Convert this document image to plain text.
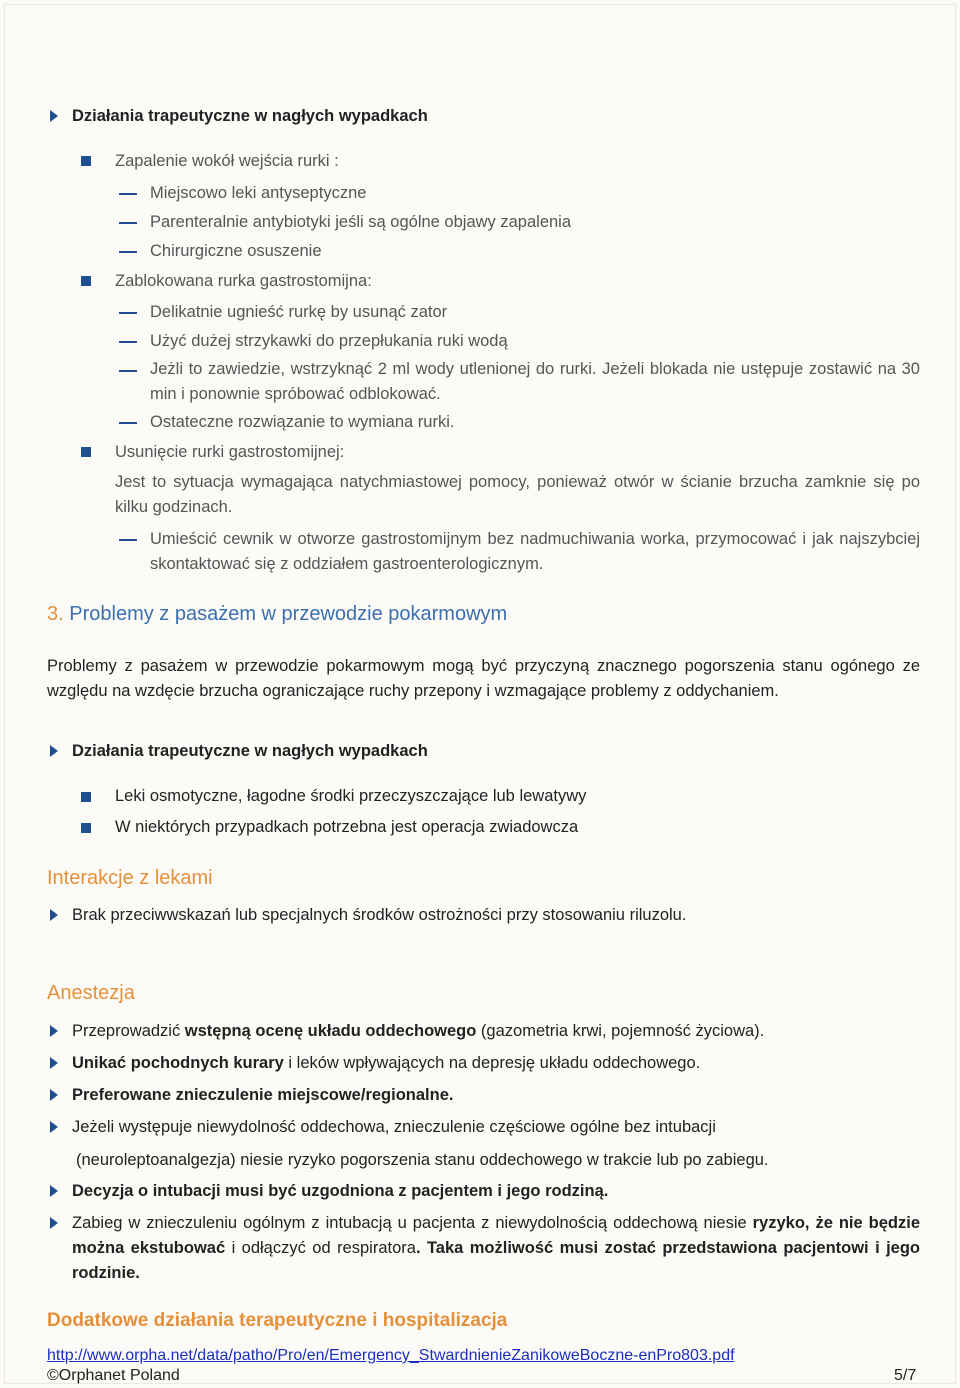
Działania trapeutyczne w nagłych wypadkach
Zapalenie wokół wejścia rurki :
Miejscowo leki antyseptyczne
Parenteralnie antybiotyki jeśli są ogólne objawy zapalenia
Chirurgiczne osuszenie
Zablokowana rurka gastrostomijna:
Delikatnie ugnieść rurkę by usunąć zator
Użyć dużej strzykawki do przepłukania ruki wodą
Jeżli to zawiedzie, wstrzyknąć 2 ml wody utlenionej do rurki. Jeżeli blokada nie ustępuje zostawić na 30 min i ponownie spróbować odblokować.
Ostateczne rozwiązanie to wymiana rurki.
Usunięcie rurki gastrostomijnej:
Jest to sytuacja wymagająca natychmiastowej pomocy, ponieważ otwór w ścianie brzucha zamknie się po kilku godzinach.
Umieścić cewnik w otworze gastrostomijnym bez nadmuchiwania worka, przymocować i jak najszybciej skontaktować się z oddziałem gastroenterologicznym.
3. Problemy z pasażem w przewodzie pokarmowym
Problemy z pasażem w przewodzie pokarmowym mogą być przyczyną znacznego pogorszenia stanu ogónego ze względu na wzdęcie brzucha ograniczające ruchy przepony i wzmagające problemy z oddychaniem.
Działania trapeutyczne w nagłych wypadkach
Leki osmotyczne, łagodne środki przeczyszczające lub lewatywy
W niektórych przypadkach potrzebna jest operacja zwiadowcza
Interakcje z lekami
Brak przeciwwskazań lub specjalnych środków ostrożności przy stosowaniu riluzolu.
Anestezja
Przeprowadzić wstępną ocenę układu oddechowego (gazometria krwi, pojemność życiowa).
Unikać pochodnych kurary i leków wpływających na depresję układu oddechowego.
Preferowane znieczulenie miejscowe/regionalne.
Jeżeli występuje niewydolność oddechowa, znieczulenie częściowe ogólne bez intubacji
(neuroleptoanalgezja) niesie ryzyko pogorszenia stanu oddechowego w trakcie lub po zabiegu.
Decyzja o intubacji musi być uzgodniona z pacjentem i jego rodziną.
Zabieg w znieczuleniu ogólnym z intubacją u pacjenta z niewydolnością oddechową niesie ryzyko, że nie będzie można ekstubować i odłączyć od respiratora. Taka możliwość musi zostać przedstawiona pacjentowi i jego rodzinie.
Dodatkowe działania terapeutyczne i hospitalizacja
http://www.orpha.net/data/patho/Pro/en/Emergency_StwardnienieZanikoweBoczne-enPro803.pdf
©Orphanet Poland	5/7
